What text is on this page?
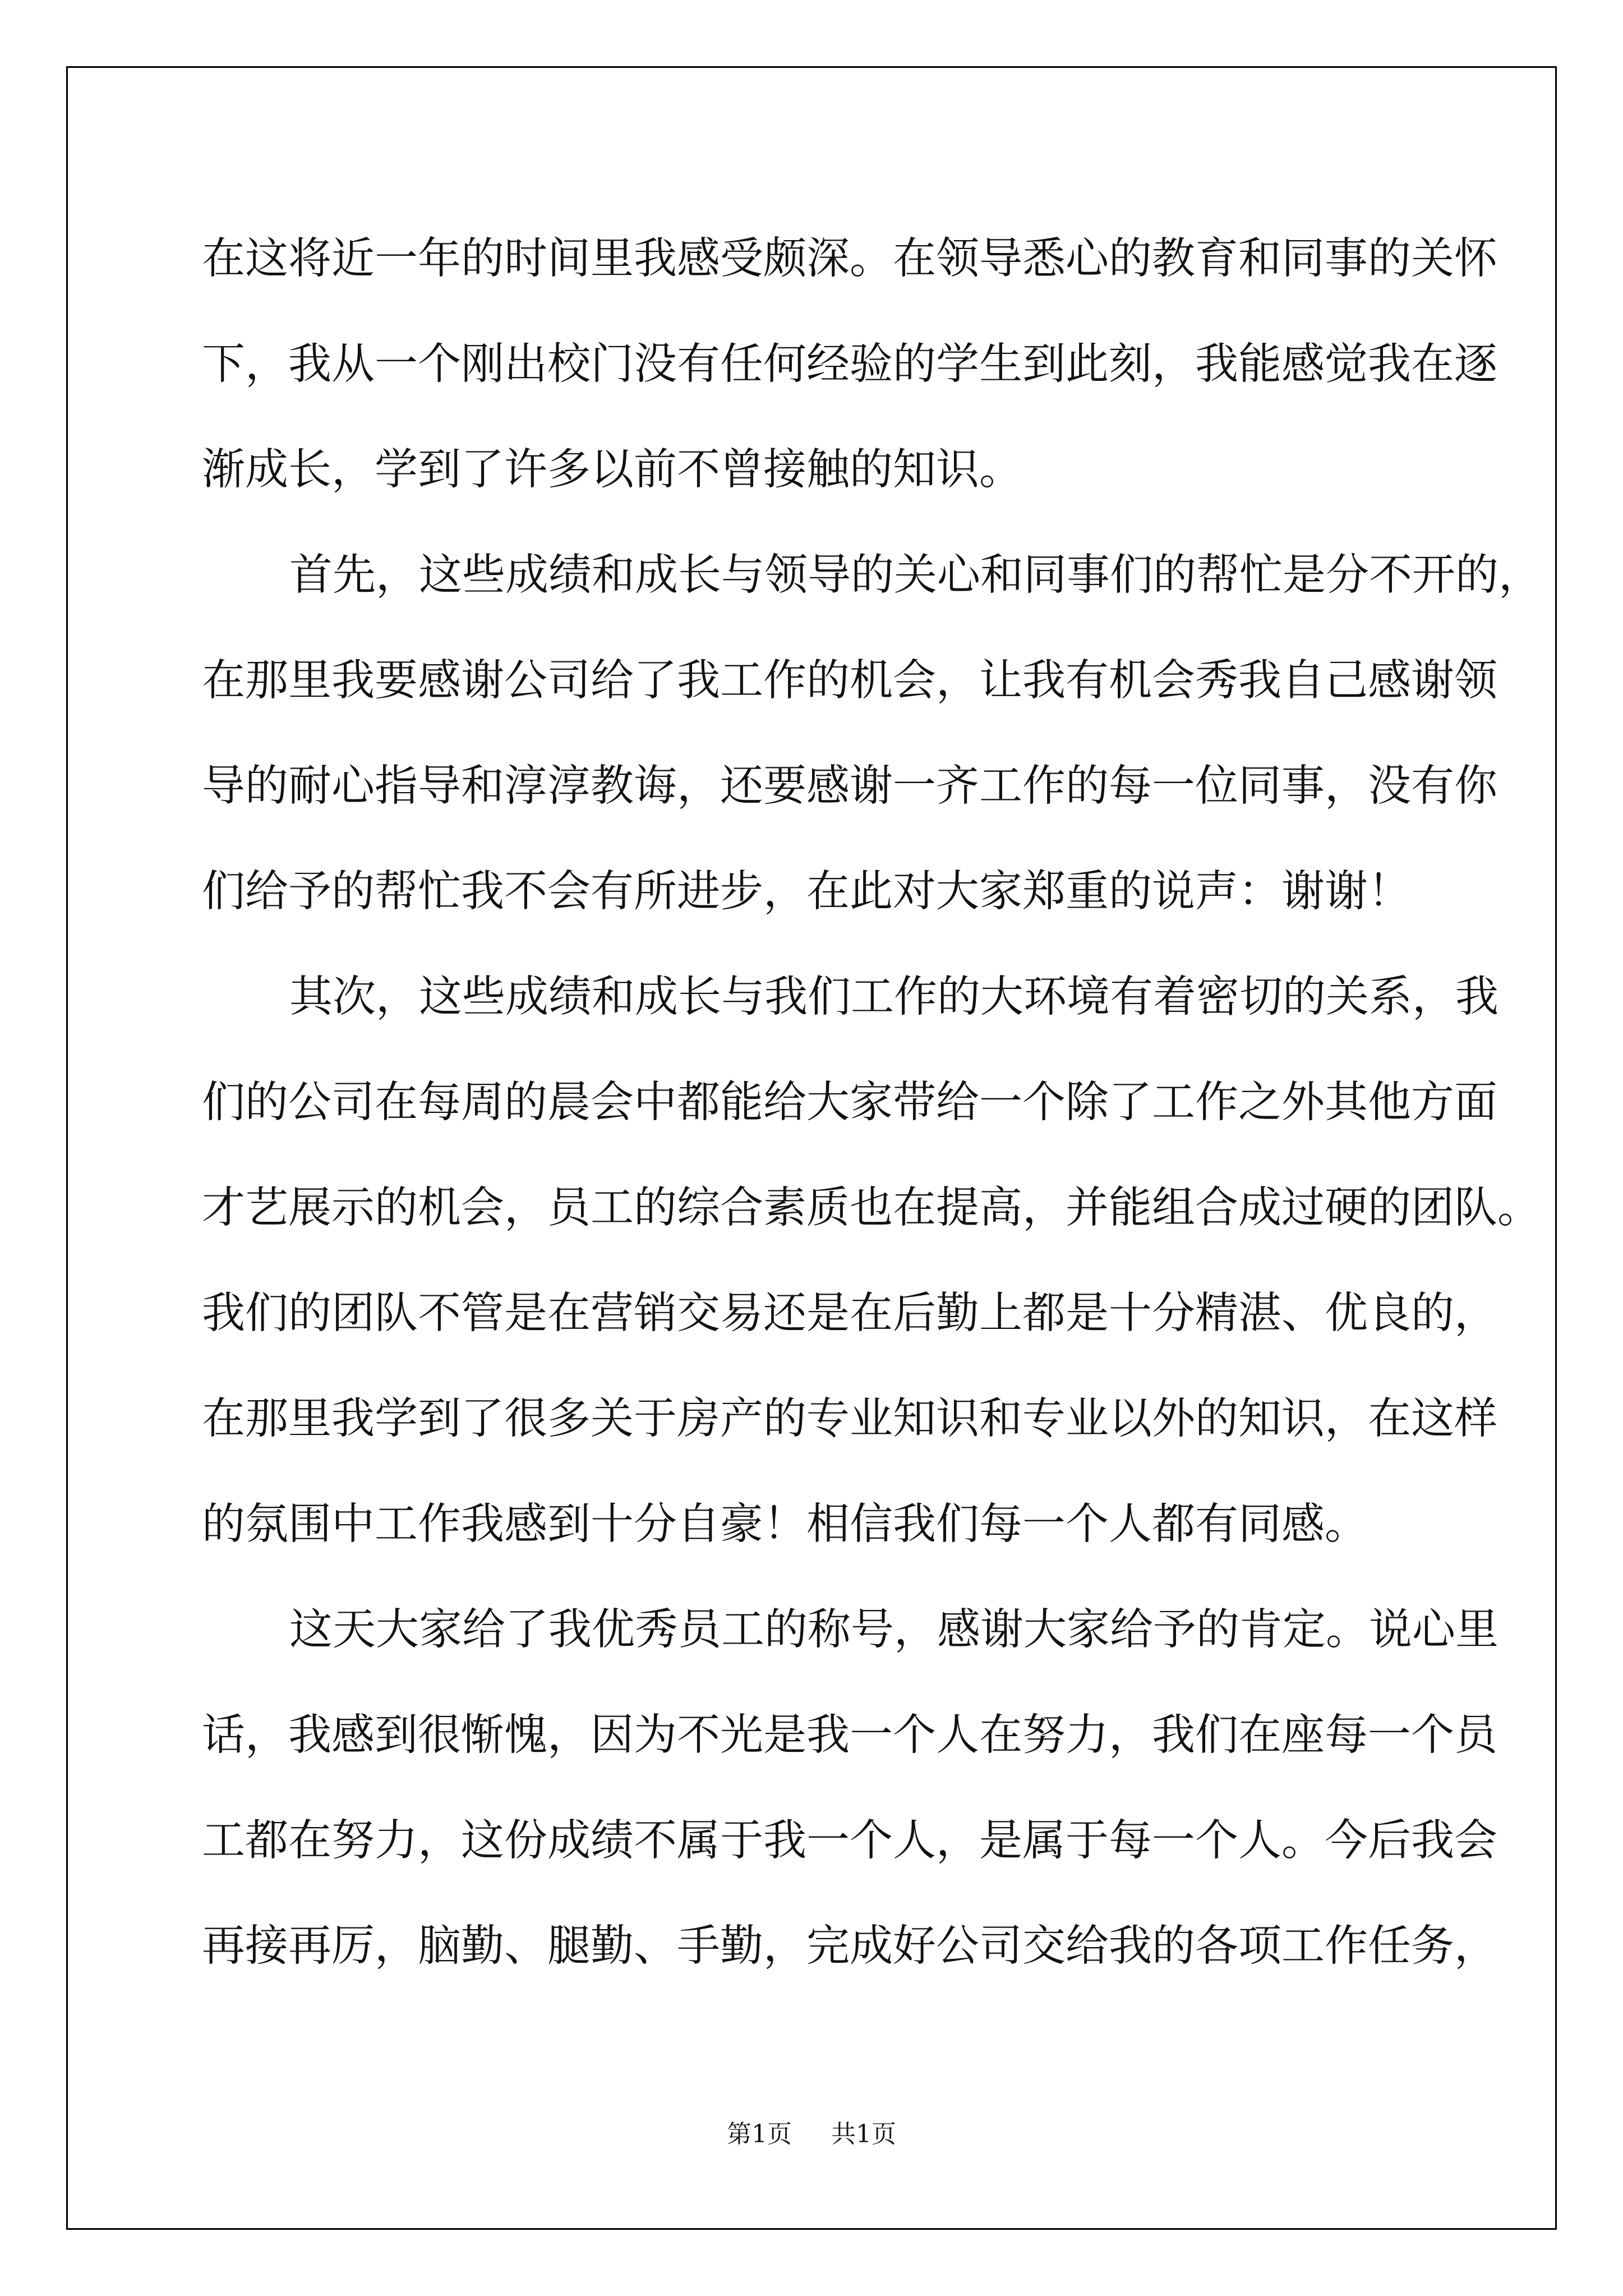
在这将近一年的时间里我感受颇深。在领导悉心的教育和同事的关怀
下，我从一个刚出校门没有任何经验的学生到此刻，我能感觉我在逐
渐成长，学到了许多以前不曾接触的知识。
首先，这些成绩和成长与领导的关心和同事们的帮忙是分不开的，
在那里我要感谢公司给了我工作的机会，让我有机会秀我自己感谢领
导的耐心指导和淳淳教诲，还要感谢一齐工作的每一位同事，没有你
们给予的帮忙我不会有所进步，在此对大家郑重的说声：谢谢！
其次，这些成绩和成长与我们工作的大环境有着密切的关系，我
们的公司在每周的晨会中都能给大家带给一个除了工作之外其他方面
才艺展示的机会，员工的综合素质也在提高，并能组合成过硬的团队。
我们的团队不管是在营销交易还是在后勤上都是十分精湛、优良的，
在那里我学到了很多关于房产的专业知识和专业以外的知识，在这样
的氛围中工作我感到十分自豪！相信我们每一个人都有同感。
这天大家给了我优秀员工的称号，感谢大家给予的肯定。说心里
话，我感到很惭愧，因为不光是我一个人在努力，我们在座每一个员
工都在努力，这份成绩不属于我一个人，是属于每一个人。今后我会
再接再厉，脑勤、腿勤、手勤，完成好公司交给我的各项工作任务，
第1页 共1页
